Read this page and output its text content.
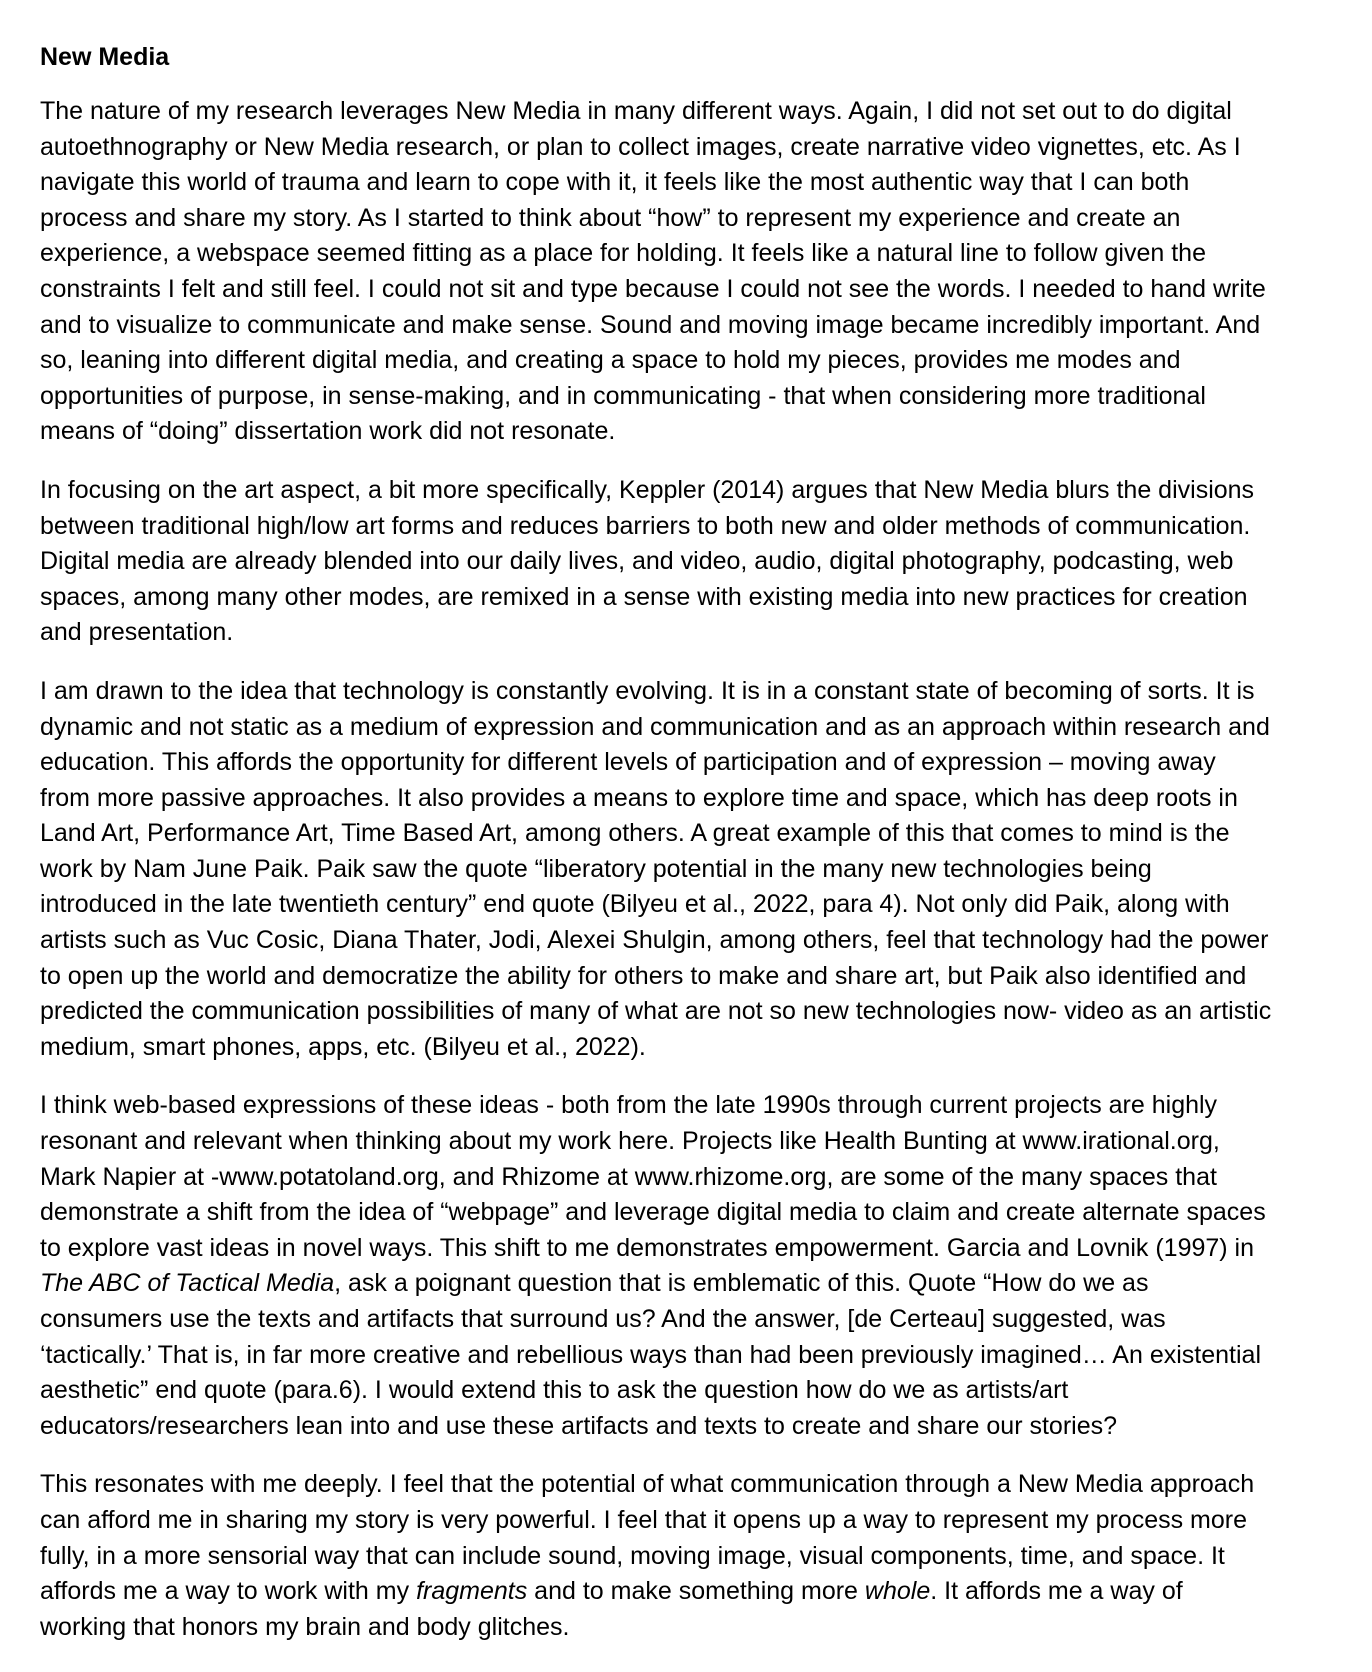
New Media
The nature of my research leverages New Media in many different ways. Again, I did not set out to do digital
autoethnography or New Media research, or plan to collect images, create narrative video vignettes, etc. As I
navigate this world of trauma and learn to cope with it, it feels like the most authentic way that I can both
process and share my story. As I started to think about “how” to represent my experience and create an
experience, a webspace seemed fitting as a place for holding. It feels like a natural line to follow given the
constraints I felt and still feel. I could not sit and type because I could not see the words. I needed to hand write
and to visualize to communicate and make sense. Sound and moving image became incredibly important. And
so, leaning into different digital media, and creating a space to hold my pieces, provides me modes and
opportunities of purpose, in sense-making, and in communicating - that when considering more traditional
means of “doing” dissertation work did not resonate.
In focusing on the art aspect, a bit more specifically, Keppler (2014) argues that New Media blurs the divisions
between traditional high/low art forms and reduces barriers to both new and older methods of communication.
Digital media are already blended into our daily lives, and video, audio, digital photography, podcasting, web
spaces, among many other modes, are remixed in a sense with existing media into new practices for creation
and presentation.
I am drawn to the idea that technology is constantly evolving. It is in a constant state of becoming of sorts. It is
dynamic and not static as a medium of expression and communication and as an approach within research and
education. This affords the opportunity for different levels of participation and of expression – moving away
from more passive approaches. It also provides a means to explore time and space, which has deep roots in
Land Art, Performance Art, Time Based Art, among others. A great example of this that comes to mind is the
work by Nam June Paik. Paik saw the quote “liberatory potential in the many new technologies being
introduced in the late twentieth century” end quote (Bilyeu et al., 2022, para 4). Not only did Paik, along with
artists such as Vuc Cosic, Diana Thater, Jodi, Alexei Shulgin, among others, feel that technology had the power
to open up the world and democratize the ability for others to make and share art, but Paik also identified and
predicted the communication possibilities of many of what are not so new technologies now- video as an artistic
medium, smart phones, apps, etc. (Bilyeu et al., 2022).
I think web-based expressions of these ideas - both from the late 1990s through current projects are highly
resonant and relevant when thinking about my work here. Projects like Health Bunting at www.irational.org,
Mark Napier at -www.potatoland.org, and Rhizome at www.rhizome.org, are some of the many spaces that
demonstrate a shift from the idea of “webpage” and leverage digital media to claim and create alternate spaces
to explore vast ideas in novel ways. This shift to me demonstrates empowerment. Garcia and Lovnik (1997) in
The ABC of Tactical Media, ask a poignant question that is emblematic of this. Quote “How do we as
consumers use the texts and artifacts that surround us? And the answer, [de Certeau] suggested, was
‘tactically.’ That is, in far more creative and rebellious ways than had been previously imagined… An existential
aesthetic” end quote (para.6). I would extend this to ask the question how do we as artists/art
educators/researchers lean into and use these artifacts and texts to create and share our stories?
This resonates with me deeply. I feel that the potential of what communication through a New Media approach
can afford me in sharing my story is very powerful. I feel that it opens up a way to represent my process more
fully, in a more sensorial way that can include sound, moving image, visual components, time, and space. It
affords me a way to work with my fragments and to make something more whole. It affords me a way of
working that honors my brain and body glitches.
